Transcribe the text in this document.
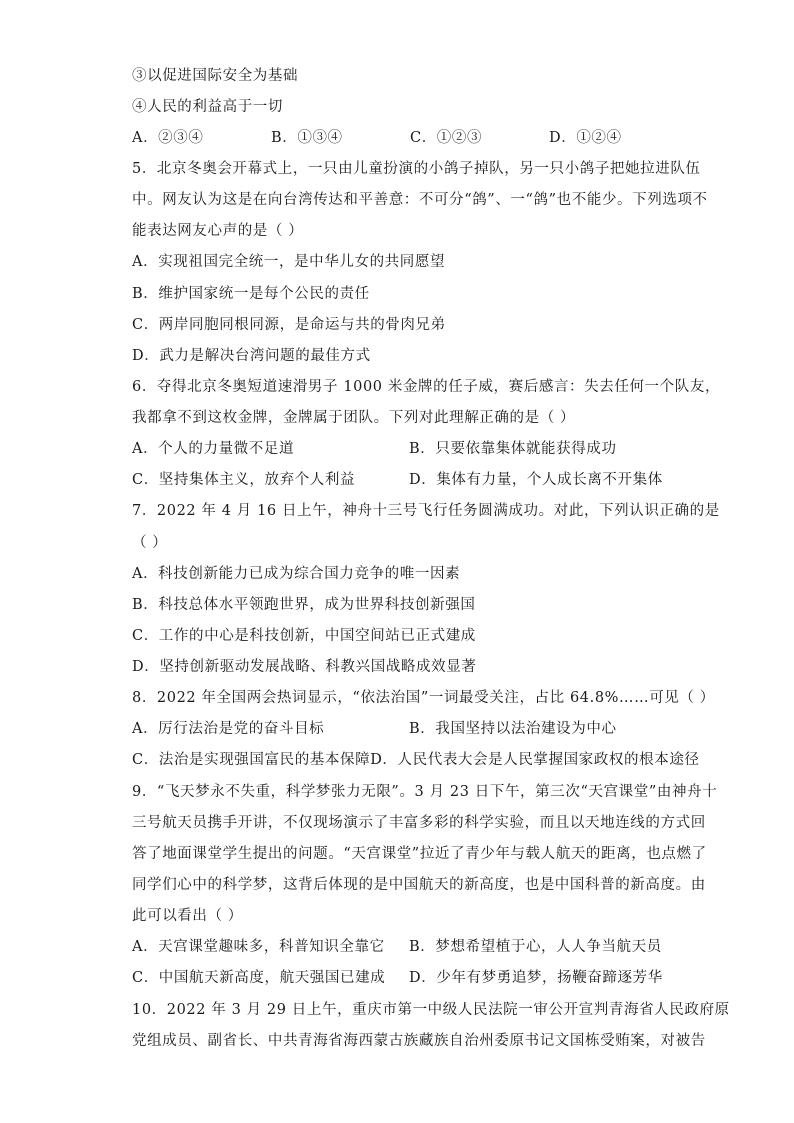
③以促进国际安全为基础
④人民的利益高于一切
A．②③④	B．①③④	C．①②③	D．①②④
5．北京冬奥会开幕式上，一只由儿童扮演的小鸽子掉队，另一只小鸽子把她拉进队伍
中。网友认为这是在向台湾传达和平善意：不可分“鸽”、一“鸽”也不能少。下列选项不
能表达网友心声的是（ ）
A．实现祖国完全统一，是中华儿女的共同愿望
B．维护国家统一是每个公民的责任
C．两岸同胞同根同源，是命运与共的骨肉兄弟
D．武力是解决台湾问题的最佳方式
6．夺得北京冬奥短道速滑男子 1000 米金牌的任子威，赛后感言：失去任何一个队友，
我都拿不到这枚金牌，金牌属于团队。下列对此理解正确的是（ ）
A．个人的力量微不足道	B．只要依靠集体就能获得成功
C．坚持集体主义，放弃个人利益	D．集体有力量，个人成长离不开集体
7．2022 年 4 月 16 日上午，神舟十三号飞行任务圆满成功。对此，下列认识正确的是
（ ）
A．科技创新能力已成为综合国力竞争的唯一因素
B．科技总体水平领跑世界，成为世界科技创新强国
C．工作的中心是科技创新，中国空间站已正式建成
D．坚持创新驱动发展战略、科教兴国战略成效显著
8．2022 年全国两会热词显示，“依法治国”一词最受关注，占比 64.8%……可见（ ）
A．厉行法治是党的奋斗目标	B．我国坚持以法治建设为中心
C．法治是实现强国富民的基本保障D．人民代表大会是人民掌握国家政权的根本途径
9．“飞天梦永不失重，科学梦张力无限”。3 月 23 日下午，第三次“天宫课堂”由神舟十
三号航天员携手开讲，不仅现场演示了丰富多彩的科学实验，而且以天地连线的方式回
答了地面课堂学生提出的问题。“天宫课堂”拉近了青少年与载人航天的距离，也点燃了
同学们心中的科学梦，这背后体现的是中国航天的新高度，也是中国科普的新高度。由
此可以看出（ ）
A．天宫课堂趣味多，科普知识全靠它 B．梦想希望植于心，人人争当航天员
C．中国航天新高度，航天强国已建成 D．少年有梦勇追梦，扬鞭奋蹄逐芳华
10．2022 年 3 月 29 日上午，重庆市第一中级人民法院一审公开宣判青海省人民政府原
党组成员、副省长、中共青海省海西蒙古族藏族自治州委原书记文国栋受贿案，对被告
